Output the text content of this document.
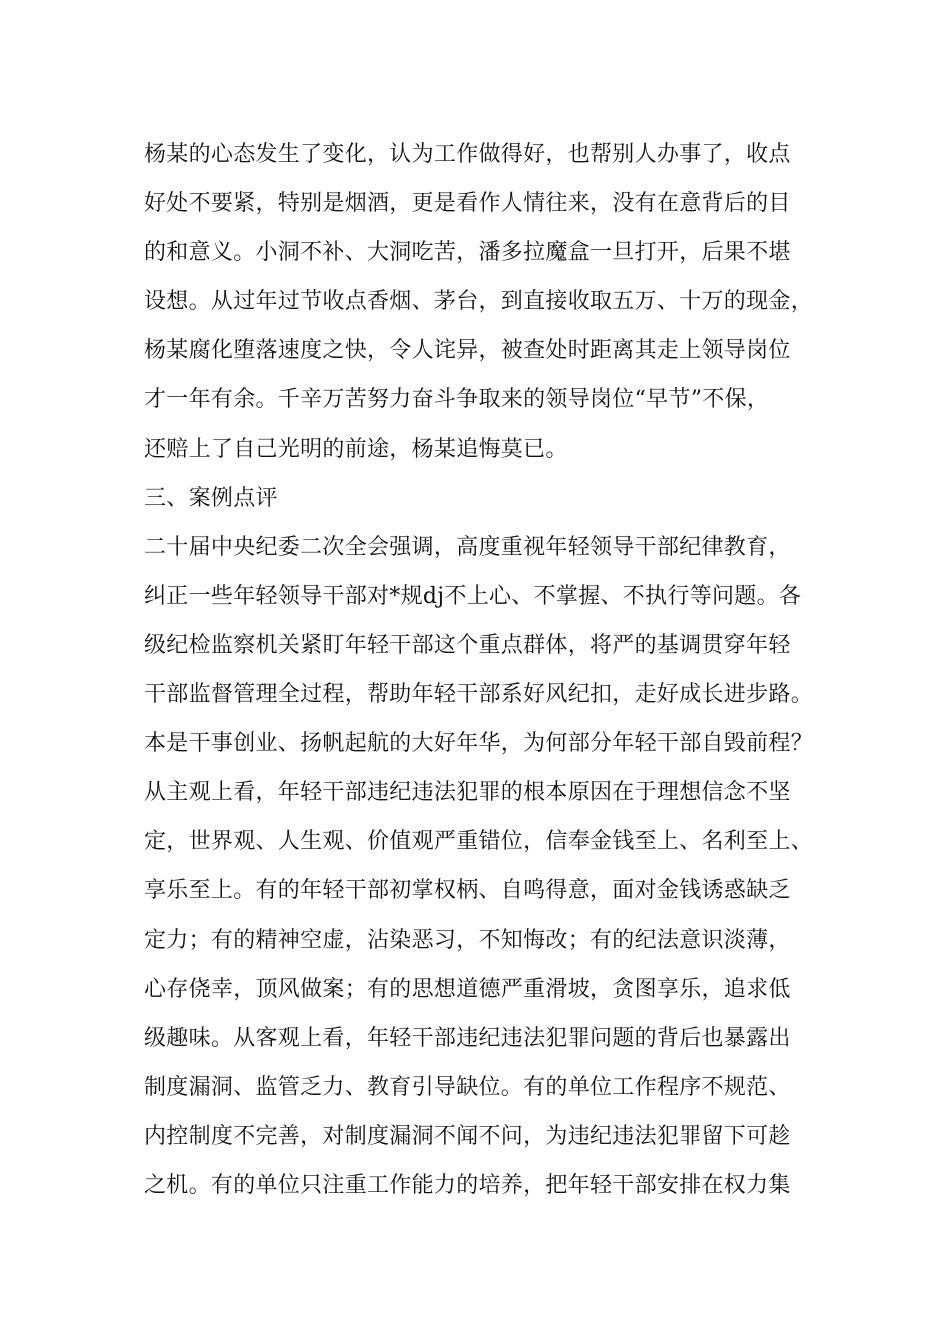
杨某的心态发生了变化，认为工作做得好，也帮别人办事了，收点
好处不要紧，特别是烟酒，更是看作人情往来，没有在意背后的目
的和意义。小洞不补、大洞吃苦，潘多拉魔盒一旦打开，后果不堪
设想。从过年过节收点香烟、茅台，到直接收取五万、十万的现金，
杨某腐化堕落速度之快，令人诧异，被查处时距离其走上领导岗位
才一年有余。千辛万苦努力奋斗争取来的领导岗位“早节”不保，
还赔上了自己光明的前途，杨某追悔莫已。
三、案例点评
二十届中央纪委二次全会强调，高度重视年轻领导干部纪律教育，
纠正一些年轻领导干部对*规dj不上心、不掌握、不执行等问题。各
级纪检监察机关紧盯年轻干部这个重点群体，将严的基调贯穿年轻
干部监督管理全过程，帮助年轻干部系好风纪扣，走好成长进步路。
本是干事创业、扬帆起航的大好年华，为何部分年轻干部自毁前程？
从主观上看，年轻干部违纪违法犯罪的根本原因在于理想信念不坚
定，世界观、人生观、价值观严重错位，信奉金钱至上、名利至上、
享乐至上。有的年轻干部初掌权柄、自鸣得意，面对金钱诱惑缺乏
定力；有的精神空虚，沾染恶习，不知悔改；有的纪法意识淡薄，
心存侥幸，顶风做案；有的思想道德严重滑坡，贪图享乐，追求低
级趣味。从客观上看，年轻干部违纪违法犯罪问题的背后也暴露出
制度漏洞、监管乏力、教育引导缺位。有的单位工作程序不规范、
内控制度不完善，对制度漏洞不闻不问，为违纪违法犯罪留下可趁
之机。有的单位只注重工作能力的培养，把年轻干部安排在权力集
